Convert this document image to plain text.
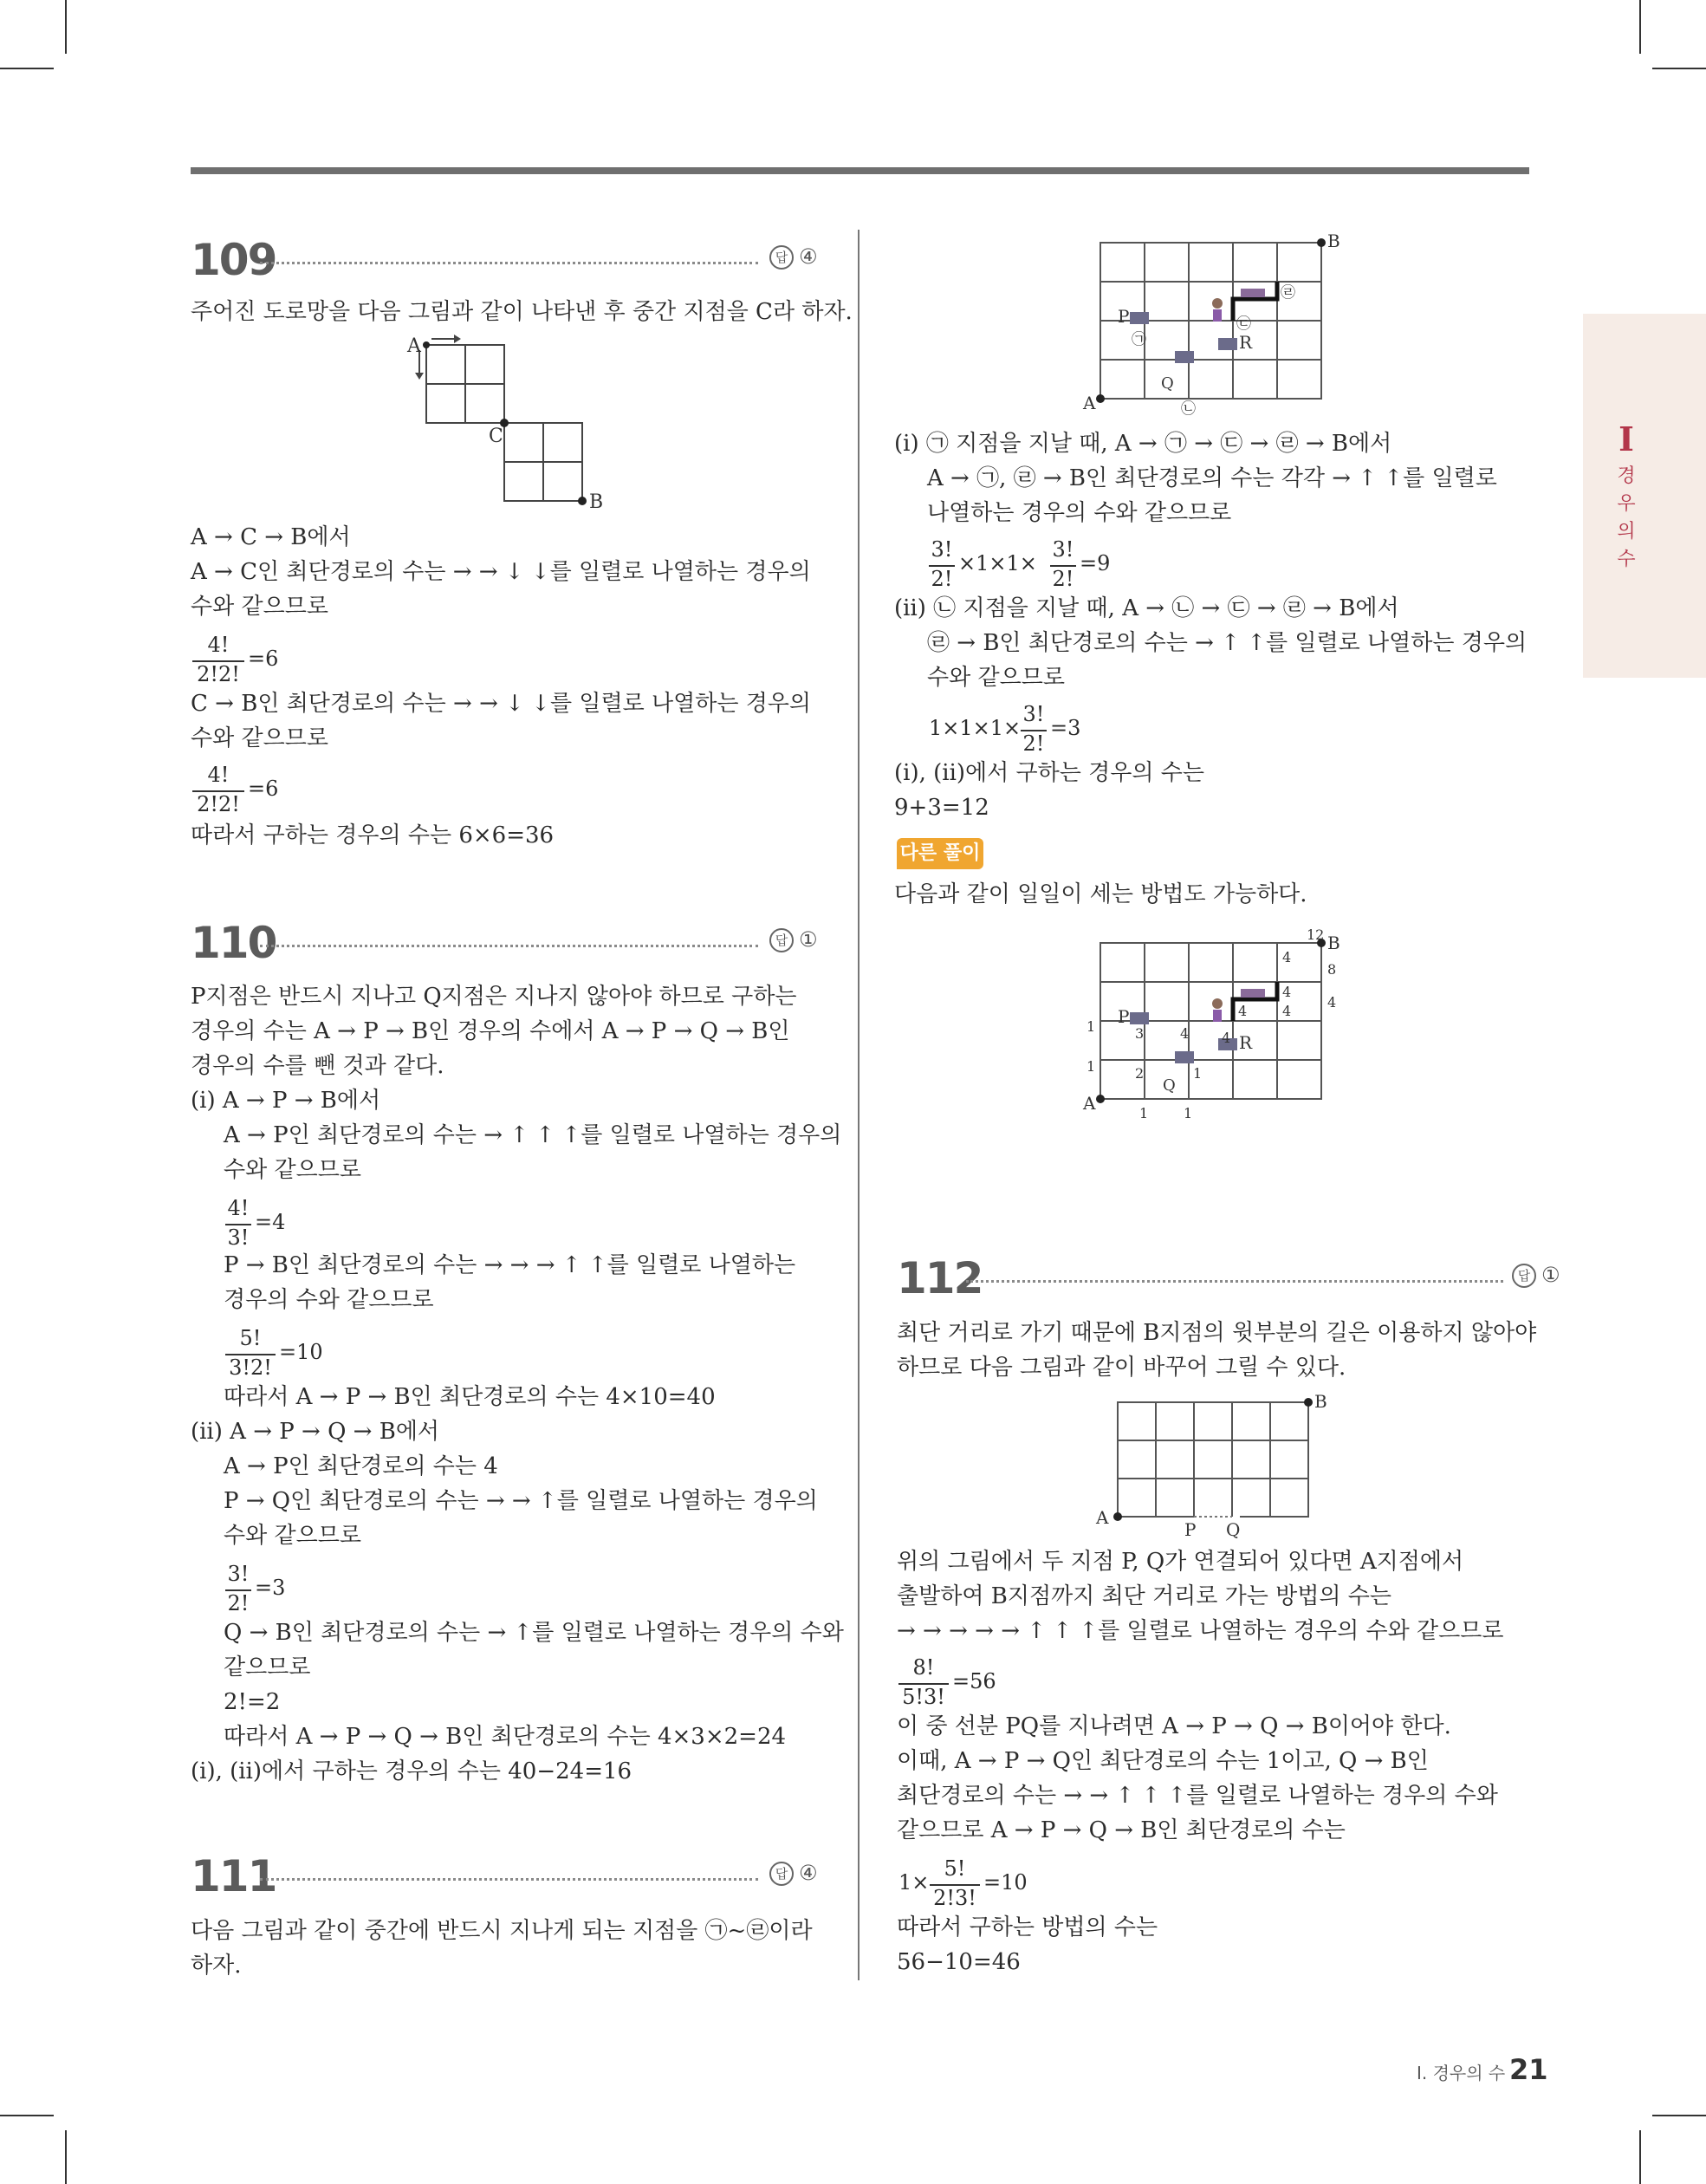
I
경
우
의
수
109	답 ④
주어진 도로망을 다음 그림과 같이 나타낸 후 중간 지점을 C라 하자.
A
C
B
A → C → B에서
A → C인 최단경로의 수는 → → ↓ ↓를 일렬로 나열하는 경우의
수와 같으므로
4!
2!2!
=6
C → B인 최단경로의 수는 → → ↓ ↓를 일렬로 나열하는 경우의
수와 같으므로
4!
2!2!
=6
따라서 구하는 경우의 수는 6×6=36
110	답 ①
P지점은 반드시 지나고 Q지점은 지나지 않아야 하므로 구하는
경우의 수는 A → P → B인 경우의 수에서 A → P → Q → B인
경우의 수를 뺀 것과 같다.
(ⅰ) A → P → B에서
A → P인 최단경로의 수는 → ↑ ↑ ↑를 일렬로 나열하는 경우의
수와 같으므로
4!
3!
=4
P → B인 최단경로의 수는 → → → ↑ ↑를 일렬로 나열하는
경우의 수와 같으므로
5!
3!2!
=10
따라서 A → P → B인 최단경로의 수는 4×10=40
(ⅱ) A → P → Q → B에서
A → P인 최단경로의 수는 4
P → Q인 최단경로의 수는 → → ↑를 일렬로 나열하는 경우의
수와 같으므로
3!
2!
=3
Q → B인 최단경로의 수는 → ↑를 일렬로 나열하는 경우의 수와
같으므로
2!=2
따라서 A → P → Q → B인 최단경로의 수는 4×3×2=24
(ⅰ), (ⅱ)에서 구하는 경우의 수는 40−24=16
111	답 ④
다음 그림과 같이 중간에 반드시 지나게 되는 지점을 ㉠~㉣이라
하자.
B
A
P
Q
R
㉠
㉡
㉢
㉣
(ⅰ) ㉠ 지점을 지날 때, A → ㉠ → ㉢ → ㉣ → B에서
A → ㉠, ㉣ → B인 최단경로의 수는 각각 → ↑ ↑를 일렬로
나열하는 경우의 수와 같으므로
3!
2!
×1×1×
3!
2!
=9
(ⅱ) ㉡ 지점을 지날 때, A → ㉡ → ㉢ → ㉣ → B에서
㉣ → B인 최단경로의 수는 → ↑ ↑를 일렬로 나열하는 경우의
수와 같으므로
1×1×1×
3!
2!
=3
(ⅰ), (ⅱ)에서 구하는 경우의 수는
9+3=12
다른 풀이
다음과 같이 일일이 세는 방법도 가능하다.
B
A
P
Q
R
12
8
4
4
4
4
4
4
4
3
2
1
1
1	1
1
112	답 ①
최단 거리로 가기 때문에 B지점의 윗부분의 길은 이용하지 않아야
하므로 다음 그림과 같이 바꾸어 그릴 수 있다.
B
A
P Q
위의 그림에서 두 지점 P, Q가 연결되어 있다면 A지점에서
출발하여 B지점까지 최단 거리로 가는 방법의 수는
→ → → → → ↑ ↑ ↑를 일렬로 나열하는 경우의 수와 같으므로
8!
5!3!
=56
이 중 선분 PQ를 지나려면 A → P → Q → B이어야 한다.
이때, A → P → Q인 최단경로의 수는 1이고, Q → B인
최단경로의 수는 → → ↑ ↑ ↑를 일렬로 나열하는 경우의 수와
같으므로 A → P → Q → B인 최단경로의 수는
1×
5!
2!3!
=10
따라서 구하는 방법의 수는
56−10=46
I. 경우의 수 21
